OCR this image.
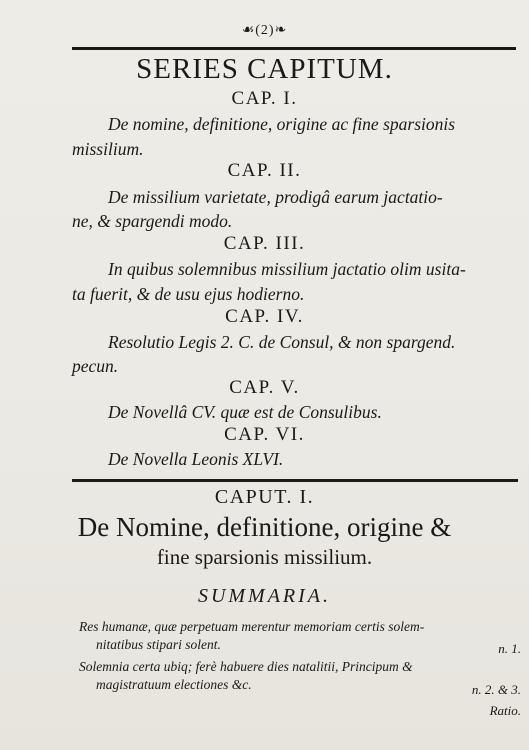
☙(2)❧
SERIES CAPITUM.
CAP. I.
De nomine, definitione, origine ac fine sparsionis
missilium.
CAP. II.
De missilium varietate, prodigâ earum jactatio-
ne, & spargendi modo.
CAP. III.
In quibus solemnibus missilium jactatio olim usita-
ta fuerit, & de usu ejus hodierno.
CAP. IV.
Resolutio Legis 2. C. de Consul, & non spargend.
pecun.
CAP. V.
De Novellâ CV. quæ est de Consulibus.
CAP. VI.
De Novella Leonis XLVI.
CAPUT. I.
De Nomine, definitione, origine &
fine sparsionis missilium.
SUMMARIA.
Res humanæ, quæ perpetuam merentur memoriam certis solem-
nitatibus stipari solent.	n. 1.
Solemnia certa ubiq; ferè habuere dies natalitii, Principum &
magistratuum electiones &c.	n. 2. & 3.
Ratio.
